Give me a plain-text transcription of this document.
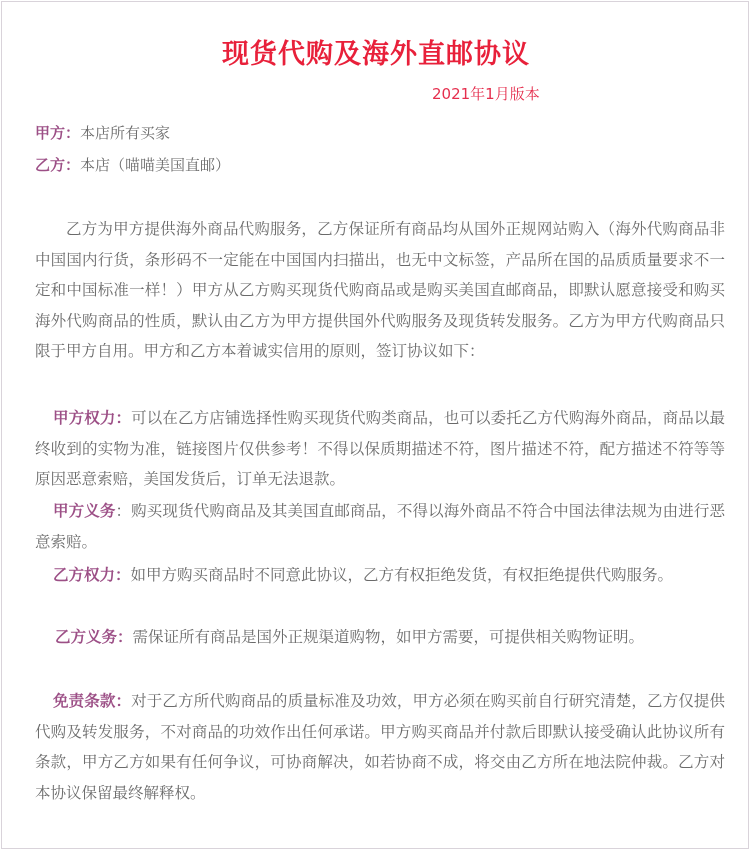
现货代购及海外直邮协议
2021年1月版本
甲方：本店所有买家
乙方：本店（喵喵美国直邮）

乙方为甲方提供海外商品代购服务，乙方保证所有商品均从国外正规网站购入（海外代购商品非中国国内行货，条形码不一定能在中国国内扫描出，也无中文标签，产品所在国的品质质量要求不一定和中国标准一样！）甲方从乙方购买现货代购商品或是购买美国直邮商品，即默认愿意接受和购买海外代购商品的性质，默认由乙方为甲方提供国外代购服务及现货转发服务。乙方为甲方代购商品只限于甲方自用。甲方和乙方本着诚实信用的原则，签订协议如下：

甲方权力：可以在乙方店铺选择性购买现货代购类商品，也可以委托乙方代购海外商品，商品以最终收到的实物为准，链接图片仅供参考！不得以保质期描述不符，图片描述不符，配方描述不符等等原因恶意索赔，美国发货后，订单无法退款。

甲方义务：购买现货代购商品及其美国直邮商品，不得以海外商品不符合中国法律法规为由进行恶意索赔。

乙方权力：如甲方购买商品时不同意此协议，乙方有权拒绝发货，有权拒绝提供代购服务。

乙方义务：需保证所有商品是国外正规渠道购物，如甲方需要，可提供相关购物证明。

免责条款：对于乙方所代购商品的质量标准及功效，甲方必须在购买前自行研究清楚，乙方仅提供代购及转发服务，不对商品的功效作出任何承诺。甲方购买商品并付款后即默认接受确认此协议所有条款，甲方乙方如果有任何争议，可协商解决，如若协商不成，将交由乙方所在地法院仲裁。乙方对本协议保留最终解释权。
